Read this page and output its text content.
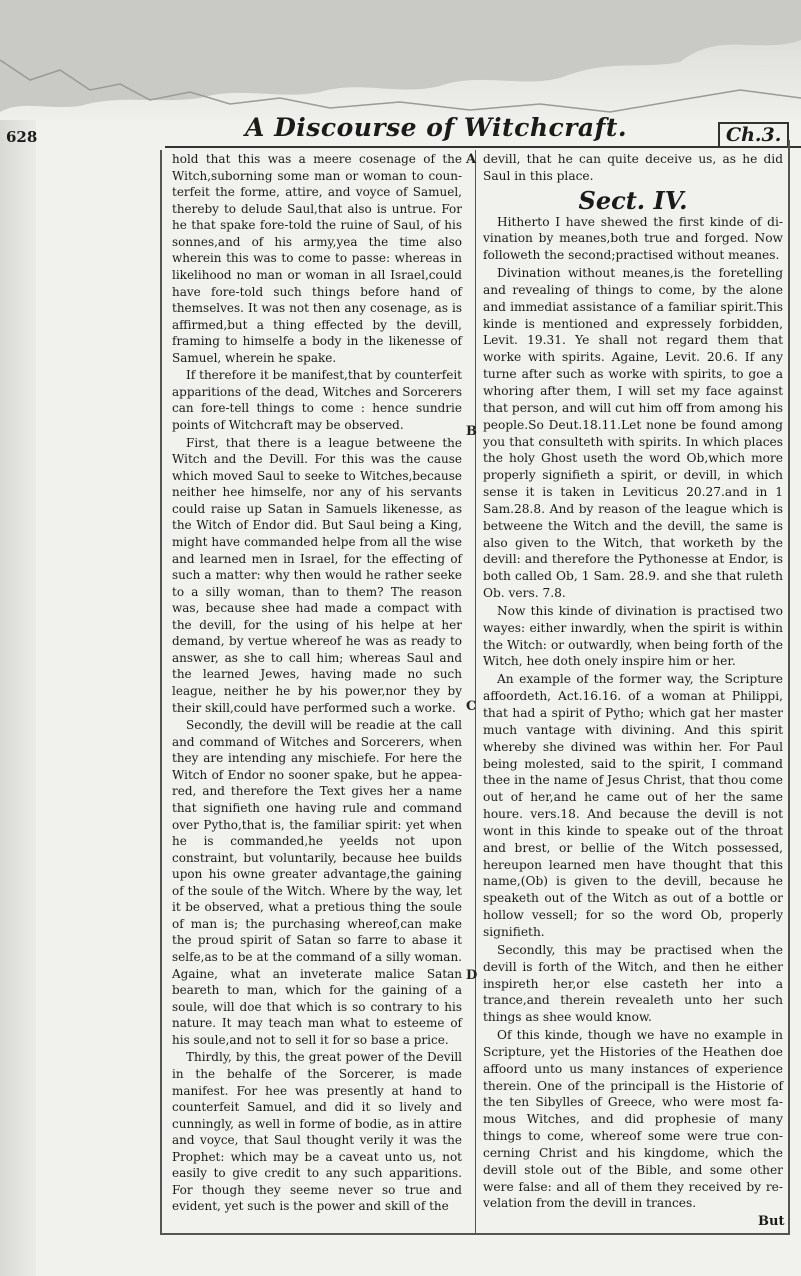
628	A Discourse of Witchcraft.	Ch.3.
A
B
C
D

hold that this was a meere cosenage of the Witch,suborning some man or woman to counterfeit the forme, attire, and voyce of Samuel, thereby to delude Saul,that also is untrue. For he that spake fore-told the ruine of Saul, of his sonnes,and of his army,yea the time also wherein this was to come to passe: whereas in likelihood no man or woman in all Israel,could have fore-told such things before hand of themselves. It was not then any cosenage, as is affirmed,but a thing effected by the devill, framing to himselfe a body in the likenesse of Samuel, wherein he spake.

If therefore it be manifest,that by counterfeit apparitions of the dead, Witches and Sorcerers can fore-tell things to come : hence sundrie points of Witchcraft may be observed.

First, that there is a league betweene the Witch and the Devill. For this was the cause which moved Saul to seeke to Witches,because neither hee himselfe, nor any of his servants could raise up Satan in Samuels likenesse, as the Witch of Endor did. But Saul being a King, might have commanded helpe from all the wise and learned men in Israel, for the effecting of such a matter: why then would he rather seeke to a silly woman, than to them? The reason was, because shee had made a compact with the devill, for the using of his helpe at her demand, by vertue whereof he was as ready to answer, as she to call him; whereas Saul and the learned Jewes, having made no such league, neither he by his power,nor they by their skill,could have performed such a worke.

Secondly, the devill will be readie at the call and command of Witches and Sorcerers, when they are intending any mischiefe. For here the Witch of Endor no sooner spake, but he appeared, and therefore the Text gives her a name that signifieth one having rule and command over Pytho,that is, the familiar spirit: yet when he is commanded,he yeelds not upon constraint, but voluntarily, because hee builds upon his owne greater advantage,the gaining of the soule of the Witch. Where by the way, let it be observed, what a pretious thing the soule of man is; the purchasing whereof,can make the proud spirit of Satan so farre to abase it selfe,as to be at the command of a silly woman. Againe, what an inveterate malice Satan beareth to man, which for the gaining of a soule, will doe that which is so contrary to his nature. It may teach man what to esteeme of his soule,and not to sell it for so base a price.

Thirdly, by this, the great power of the Devill in the behalfe of the Sorcerer, is made manifest. For hee was presently at hand to counterfeit Samuel, and did it so lively and cunningly, as well in forme of bodie, as in attire and voyce, that Saul thought verily it was the Prophet: which may be a caveat unto us, not easily to give credit to any such apparitions. For though they seeme never so true and evident, yet such is the power and skill of the

devill, that he can quite deceive us, as he did Saul in this place.

Sect. IV.

Hitherto I have shewed the first kinde of divination by meanes,both true and forged. Now followeth the second;practised without meanes.

Divination without meanes,is the foretelling and revealing of things to come, by the alone and immediat assistance of a familiar spirit.This kinde is mentioned and expressely forbidden, Levit. 19.31. Ye shall not regard them that worke with spirits. Againe, Levit. 20.6. If any turne after such as worke with spirits, to goe a whoring after them, I will set my face against that person, and will cut him off from among his people.So Deut.18.11.Let none be found among you that consulteth with spirits. In which places the holy Ghost useth the word Ob,which more properly signifieth a spirit, or devill, in which sense it is taken in Leviticus 20.27.and in 1 Sam.28.8. And by reason of the league which is betweene the Witch and the devill, the same is also given to the Witch, that worketh by the devill: and therefore the Pythonesse at Endor, is both called Ob, 1 Sam. 28.9. and she that ruleth Ob. vers. 7.8.

Now this kinde of divination is practised two wayes: either inwardly, when the spirit is within the Witch: or outwardly, when being forth of the Witch, hee doth onely inspire him or her.

An example of the former way, the Scripture affoordeth, Act.16.16. of a woman at Philippi, that had a spirit of Pytho; which gat her master much vantage with divining. And this spirit whereby she divined was within her. For Paul being molested, said to the spirit, I command thee in the name of Jesus Christ, that thou come out of her,and he came out of her the same houre. vers.18. And because the devill is not wont in this kinde to speake out of the throat and brest, or bellie of the Witch possessed, hereupon learned men have thought that this name,(Ob) is given to the devill, because he speaketh out of the Witch as out of a bottle or hollow vessell; for so the word Ob, properly signifieth.

Secondly, this may be practised when the devill is forth of the Witch, and then he either inspireth her,or else casteth her into a trance,and therein revealeth unto her such things as shee would know.

Of this kinde, though we have no example in Scripture, yet the Histories of the Heathen doe affoord unto us many instances of experience therein. One of the principall is the Historie of the ten Sibylles of Greece, who were most famous Witches, and did prophesie of many things to come, whereof some were true concerning Christ and his kingdome, which the devill stole out of the Bible, and some other were false: and all of them they received by revelation from the devill in trances.

But
